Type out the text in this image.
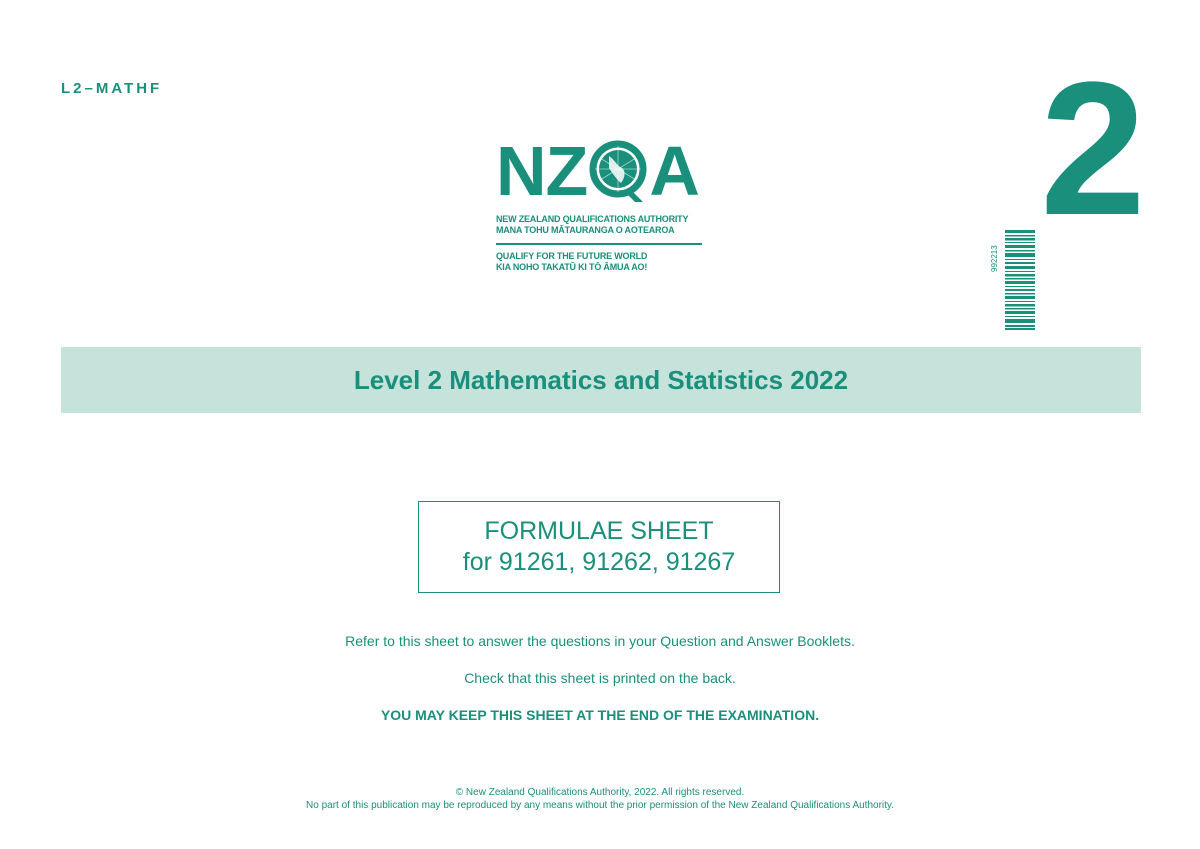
L2–MATHF	2
NZ A
NEW ZEALAND QUALIFICATIONS AUTHORITY
MANA TOHU MĀTAURANGA O AOTEAROA
QUALIFY FOR THE FUTURE WORLD
KIA NOHO TAKATŪ KI TŌ ĀMUA AO!	992213
Level 2 Mathematics and Statistics 2022
FORMULAE SHEET
for 91261, 91262, 91267
Refer to this sheet to answer the questions in your Question and Answer Booklets.
Check that this sheet is printed on the back.
YOU MAY KEEP THIS SHEET AT THE END OF THE EXAMINATION.
© New Zealand Qualifications Authority, 2022. All rights reserved.
No part of this publication may be reproduced by any means without the prior permission of the New Zealand Qualifications Authority.
